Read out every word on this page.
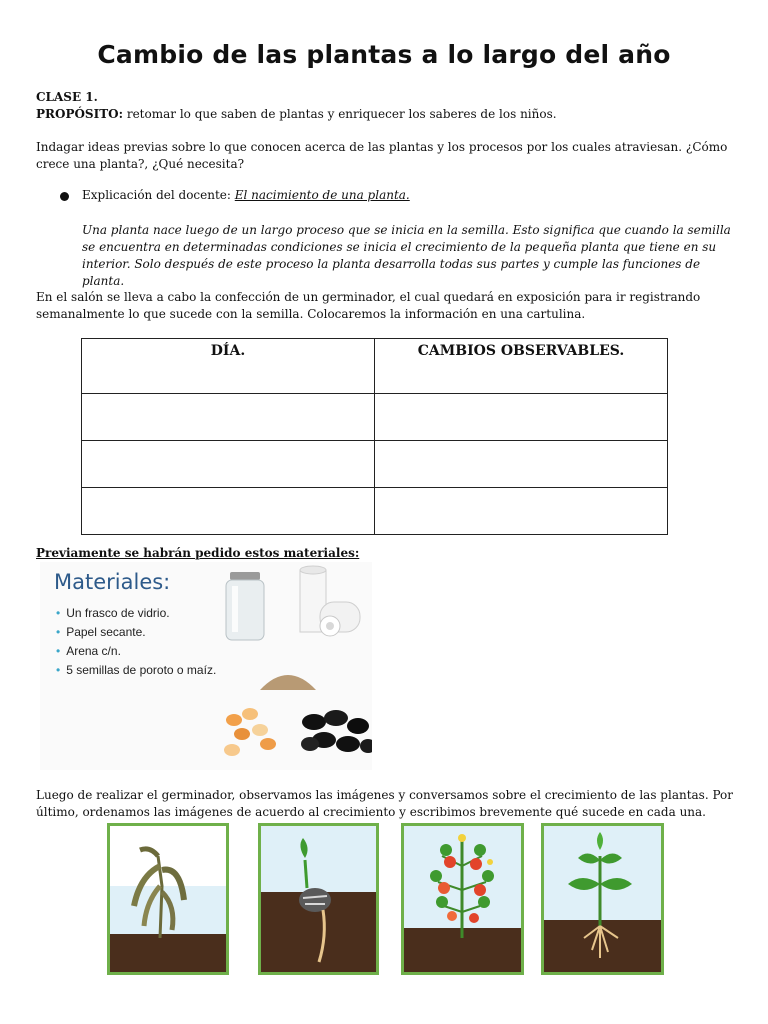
Cambio de las plantas a lo largo del año
CLASE 1.
PROPÓSITO: retomar lo que saben de plantas y enriquecer los saberes de los niños.
Indagar ideas previas sobre lo que conocen acerca de las plantas y los procesos por los cuales atraviesan. ¿Cómo crece una planta?, ¿Qué necesita?
Explicación del docente: El nacimiento de una planta.
Una planta nace luego de un largo proceso que se inicia en la semilla. Esto significa que cuando la semilla se encuentra en determinadas condiciones se inicia el crecimiento de la pequeña planta que tiene en su interior. Solo después de este proceso la planta desarrolla todas sus partes y cumple las funciones de planta.
En el salón se lleva a cabo la confección de un germinador, el cual quedará en exposición para ir registrando semanalmente lo que sucede con la semilla. Colocaremos la información en una cartulina.
DÍA.	CAMBIOS OBSERVABLES.

Previamente se habrán pedido estos materiales:
Materiales:
• Un frasco de vidrio.
• Papel secante.
• Arena c/n.
• 5 semillas de poroto o maíz.
Luego de realizar el germinador, observamos las imágenes y conversamos sobre el crecimiento de las plantas. Por último, ordenamos las imágenes de acuerdo al crecimiento y escribimos brevemente qué sucede en cada una.
